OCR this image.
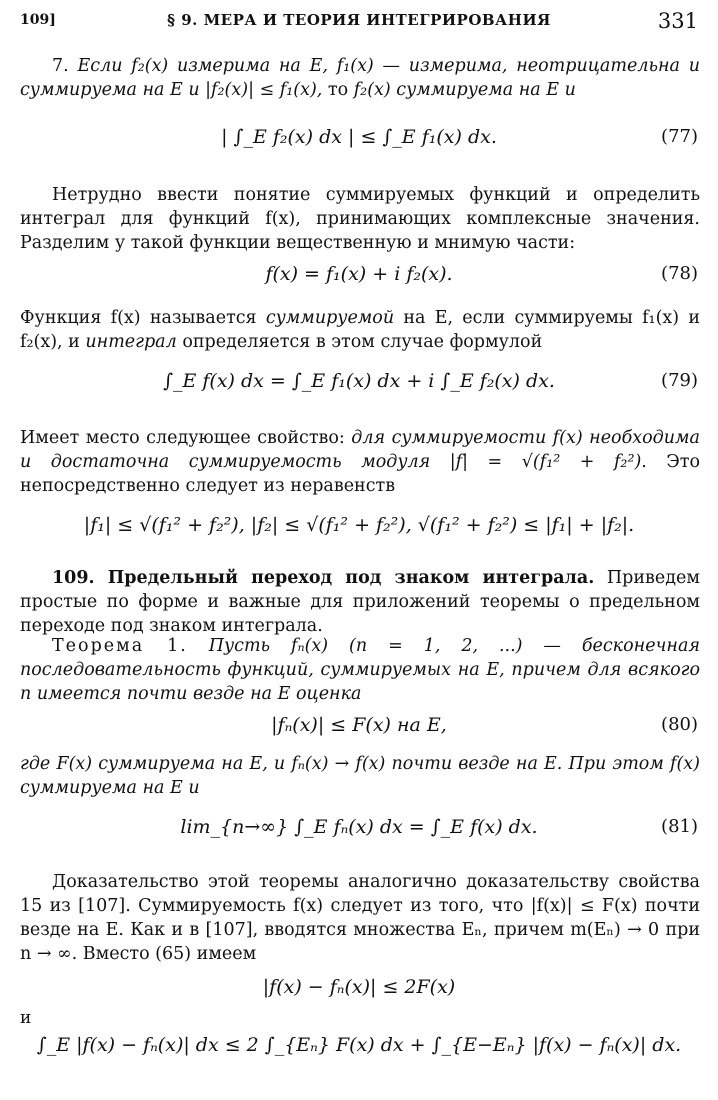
109]	§ 9. МЕРА И ТЕОРИЯ ИНТЕГРИРОВАНИЯ	331

7. Если f₂(x) измерима на E, f₁(x) — измерима, неотрицательна и суммируема на E и |f₂(x)| ≤ f₁(x), то f₂(x) суммируема на E и

| ∫_E f₂(x) dx | ≤ ∫_E f₁(x) dx.	(77)

Нетрудно ввести понятие суммируемых функций и определить интеграл для функций f(x), принимающих комплексные значения. Разделим у такой функции вещественную и мнимую части:

f(x) = f₁(x) + i f₂(x).	(78)

Функция f(x) называется суммируемой на E, если суммируемы f₁(x) и f₂(x), и интеграл определяется в этом случае формулой

∫_E f(x) dx = ∫_E f₁(x) dx + i ∫_E f₂(x) dx.	(79)

Имеет место следующее свойство: для суммируемости f(x) необходима и достаточна суммируемость модуля |f| = √(f₁² + f₂²). Это непосредственно следует из неравенств

|f₁| ≤ √(f₁² + f₂²), |f₂| ≤ √(f₁² + f₂²), √(f₁² + f₂²) ≤ |f₁| + |f₂|.

109. Предельный переход под знаком интеграла. Приведем простые по форме и важные для приложений теоремы о предельном переходе под знаком интеграла.

Теорема 1. Пусть fₙ(x) (n = 1, 2, ...) — бесконечная последовательность функций, суммируемых на E, причем для всякого n имеется почти везде на E оценка

|fₙ(x)| ≤ F(x) на E,	(80)

где F(x) суммируема на E, и fₙ(x) → f(x) почти везде на E. При этом f(x) суммируема на E и

lim_{n→∞} ∫_E fₙ(x) dx = ∫_E f(x) dx.	(81)

Доказательство этой теоремы аналогично доказательству свойства 15 из [107]. Суммируемость f(x) следует из того, что |f(x)| ≤ F(x) почти везде на E. Как и в [107], вводятся множества Eₙ, причем m(Eₙ) → 0 при n → ∞. Вместо (65) имеем

|f(x) − fₙ(x)| ≤ 2F(x)

и

∫_E |f(x) − fₙ(x)| dx ≤ 2 ∫_{Eₙ} F(x) dx + ∫_{E−Eₙ} |f(x) − fₙ(x)| dx.
